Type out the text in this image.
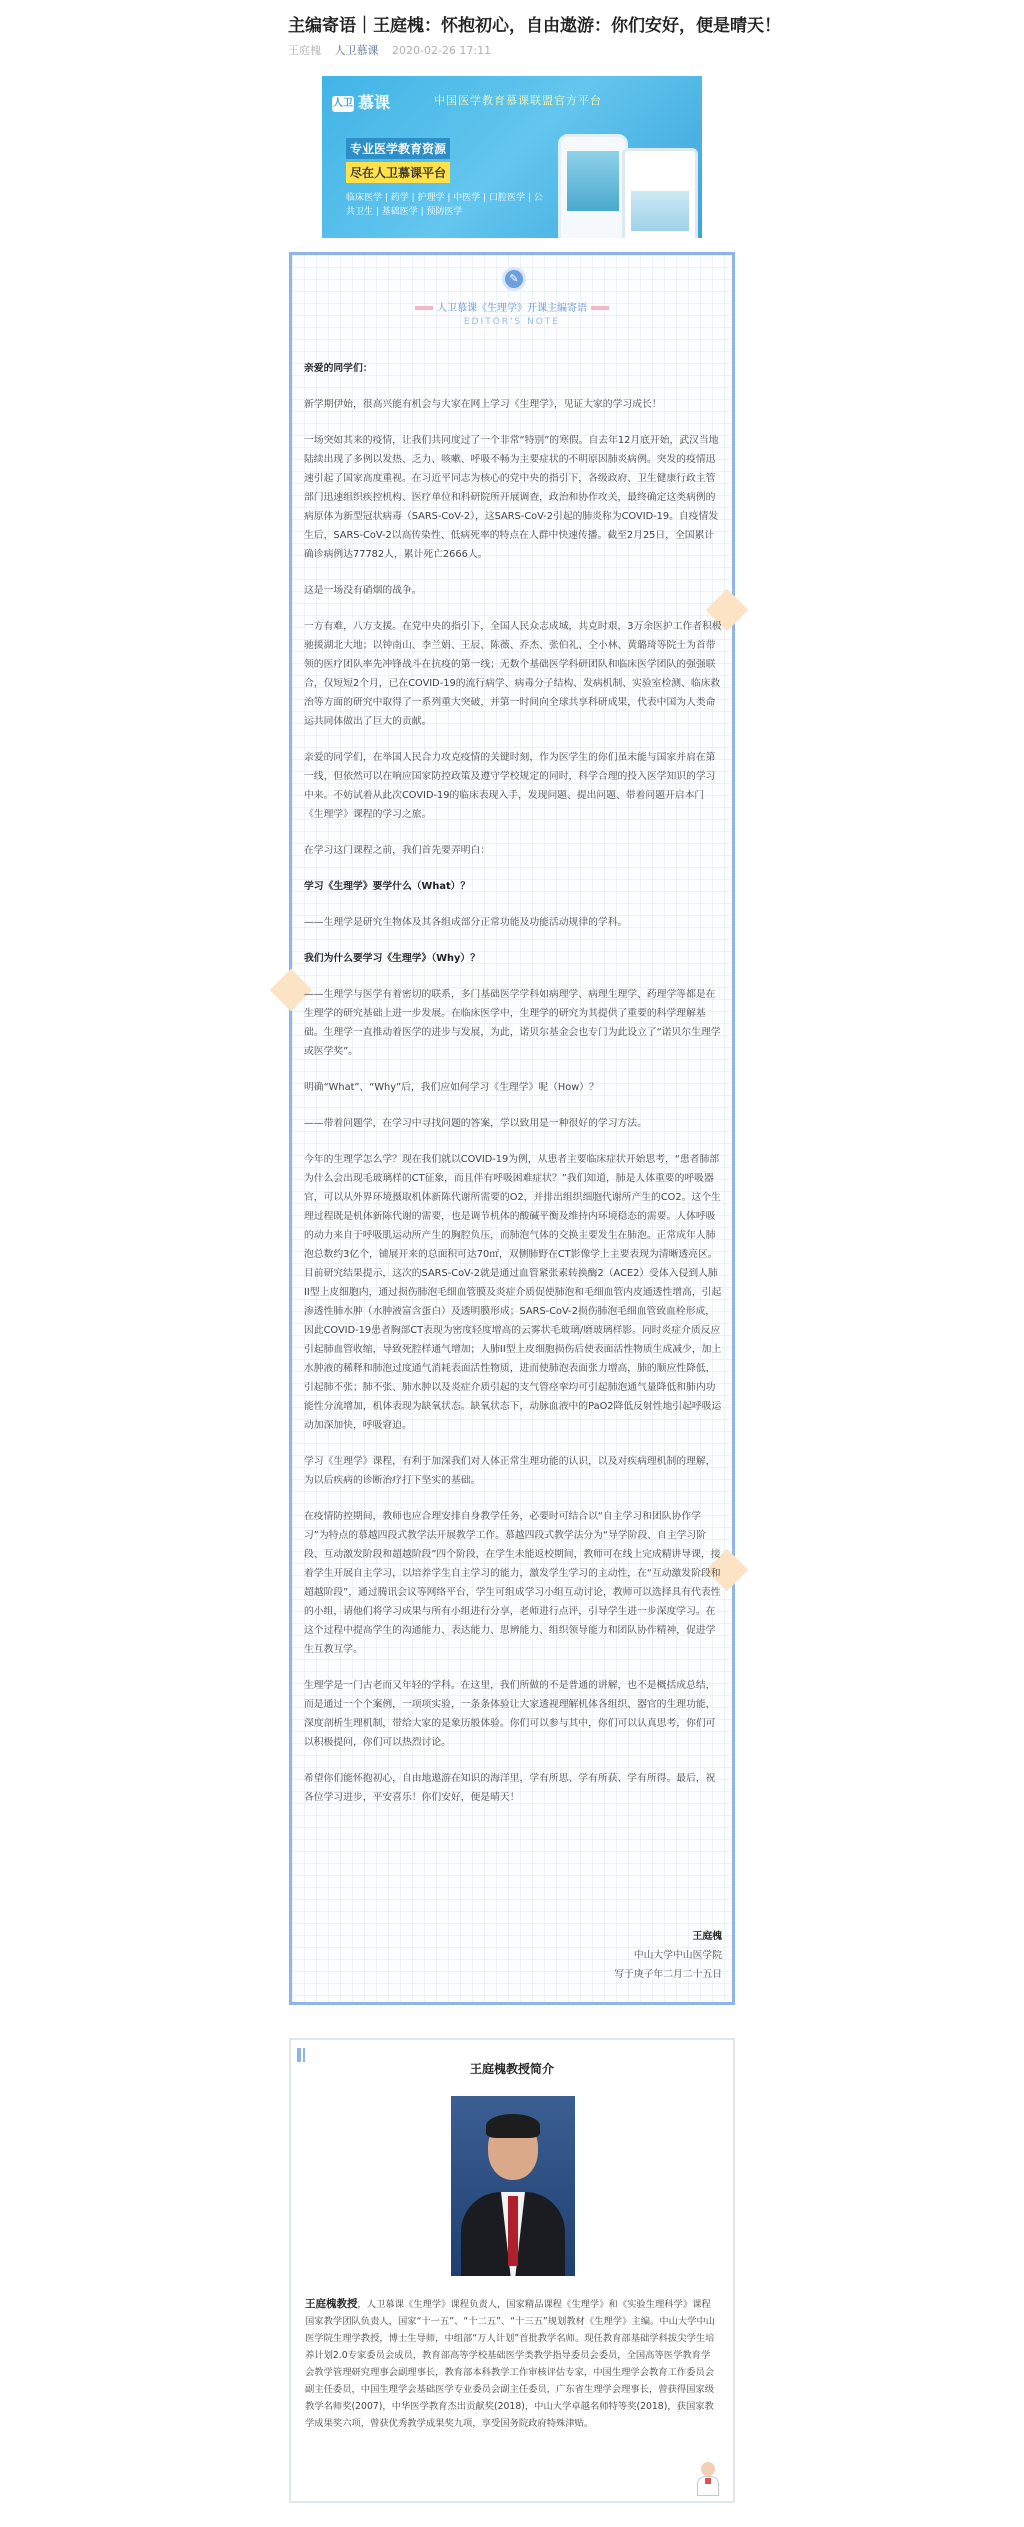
主编寄语｜王庭槐：怀抱初心，自由遨游：你们安好，便是晴天！
王庭槐 人卫慕课 2020-02-26 17:11
人卫 慕课	中国医学教育慕课联盟官方平台
专业医学教育资源
尽在人卫慕课平台
临床医学 | 药学 | 护理学 | 中医学 | 口腔医学 | 公共卫生 | 基础医学 | 预防医学
✎
人卫慕课《生理学》开课主编寄语
EDITOR'S NOTE

亲爱的同学们：

新学期伊始，很高兴能有机会与大家在网上学习《生理学》，见证大家的学习成长！

一场突如其来的疫情，让我们共同度过了一个非常“特别”的寒假。自去年12月底开始，武汉当地陆续出现了多例以发热、乏力、咳嗽、呼吸不畅为主要症状的不明原因肺炎病例。突发的疫情迅速引起了国家高度重视。在习近平同志为核心的党中央的指引下，各级政府、卫生健康行政主管部门迅速组织疾控机构、医疗单位和科研院所开展调查，政治和协作攻关，最终确定这类病例的病原体为新型冠状病毒（SARS-CoV-2），这SARS-CoV-2引起的肺炎称为COVID-19。自疫情发生后，SARS-CoV-2以高传染性、低病死率的特点在人群中快速传播。截至2月25日，全国累计确诊病例达77782人，累计死亡2666人。

这是一场没有硝烟的战争。

一方有难，八方支援。在党中央的指引下，全国人民众志成城，共克时艰，3万余医护工作者积极驰援湖北大地；以钟南山、李兰娟、王辰、陈薇、乔杰、张伯礼、仝小林、黄璐琦等院士为首带领的医疗团队率先冲锋战斗在抗疫的第一线；无数个基础医学科研团队和临床医学团队的强强联合，仅短短2个月，已在COVID-19的流行病学、病毒分子结构、发病机制、实验室检测、临床救治等方面的研究中取得了一系列重大突破，并第一时间向全球共享科研成果，代表中国为人类命运共同体做出了巨大的贡献。

亲爱的同学们，在举国人民合力攻克疫情的关键时刻，作为医学生的你们虽未能与国家并肩在第一线，但依然可以在响应国家防控政策及遵守学校规定的同时，科学合理的投入医学知识的学习中来。不妨试着从此次COVID-19的临床表现入手，发现问题、提出问题、带着问题开启本门《生理学》课程的学习之旅。

在学习这门课程之前，我们首先要弄明白：

学习《生理学》要学什么（What）？

——生理学是研究生物体及其各组成部分正常功能及功能活动规律的学科。

我们为什么要学习《生理学》（Why）？

——生理学与医学有着密切的联系，多门基础医学学科如病理学、病理生理学、药理学等都是在生理学的研究基础上进一步发展。在临床医学中，生理学的研究为其提供了重要的科学理解基础。生理学一直推动着医学的进步与发展，为此，诺贝尔基金会也专门为此设立了“诺贝尔生理学或医学奖”。

明确“What”、“Why”后，我们应如何学习《生理学》呢（How）？

——带着问题学，在学习中寻找问题的答案，学以致用是一种很好的学习方法。

今年的生理学怎么学？现在我们就以COVID-19为例，从患者主要临床症状开始思考，“患者肺部为什么会出现毛玻璃样的CT征象，而且伴有呼吸困难症状？”我们知道，肺是人体重要的呼吸器官，可以从外界环境摄取机体新陈代谢所需要的O2，并排出组织细胞代谢所产生的CO2。这个生理过程既是机体新陈代谢的需要，也是调节机体的酸碱平衡及维持内环境稳态的需要。人体呼吸的动力来自于呼吸肌运动所产生的胸腔负压，而肺泡气体的交换主要发生在肺泡。正常成年人肺泡总数约3亿个，铺展开来的总面积可达70㎡，双侧肺野在CT影像学上主要表现为清晰透亮区。目前研究结果提示，这次的SARS-CoV-2就是通过血管紧张素转换酶2（ACE2）受体入侵到人肺II型上皮细胞内，通过损伤肺泡毛细血管膜及炎症介质促使肺泡和毛细血管内皮通透性增高，引起渗透性肺水肿（水肿液富含蛋白）及透明膜形成；SARS-CoV-2损伤肺泡毛细血管致血栓形成，因此COVID-19患者胸部CT表现为密度轻度增高的云雾状毛玻璃/磨玻璃样影。同时炎症介质反应引起肺血管收缩，导致死腔样通气增加；人肺II型上皮细胞损伤后使表面活性物质生成减少，加上水肿液的稀释和肺泡过度通气消耗表面活性物质，进而使肺泡表面张力增高，肺的顺应性降低，引起肺不张；肺不张、肺水肿以及炎症介质引起的支气管痉挛均可引起肺泡通气量降低和肺内功能性分流增加，机体表现为缺氧状态。缺氧状态下，动脉血液中的PaO2降低反射性地引起呼吸运动加深加快，呼吸窘迫。

学习《生理学》课程，有利于加深我们对人体正常生理功能的认识，以及对疾病理机制的理解，为以后疾病的诊断治疗打下坚实的基础。

在疫情防控期间，教师也应合理安排自身教学任务，必要时可结合以“自主学习和团队协作学习”为特点的慕越四段式教学法开展教学工作。慕越四段式教学法分为“导学阶段、自主学习阶段、互动激发阶段和超越阶段”四个阶段，在学生未能返校期间，教师可在线上完成精讲导课，接着学生开展自主学习，以培养学生自主学习的能力，激发学生学习的主动性，在“互动激发阶段和超越阶段”，通过腾讯会议等网络平台，学生可组成学习小组互动讨论，教师可以选择具有代表性的小组，请他们将学习成果与所有小组进行分享，老师进行点评，引导学生进一步深度学习。在这个过程中提高学生的沟通能力、表达能力、思辨能力、组织领导能力和团队协作精神，促进学生互教互学。

生理学是一门古老而又年轻的学科。在这里，我们所做的不是普通的讲解，也不是概括成总结，而是通过一个个案例，一项项实验，一条条体验让大家透视理解机体各组织、器官的生理功能，深度剖析生理机制，带给大家的是象历般体验。你们可以参与其中，你们可以认真思考，你们可以积极提问，你们可以热烈讨论。

希望你们能怀抱初心，自由地遨游在知识的海洋里，学有所思、学有所获、学有所得。最后，祝各位学习进步，平安喜乐！你们安好，便是晴天！

王庭槐
中山大学中山医学院
写于庚子年二月二十五日
王庭槐教授简介
王庭槐教授，人卫慕课《生理学》课程负责人，国家精品课程《生理学》和《实验生理科学》课程国家教学团队负责人，国家“十一五”、“十二五”、“十三五”规划教材《生理学》主编。中山大学中山医学院生理学教授，博士生导师，中组部“万人计划”首批教学名师。现任教育部基础学科拔尖学生培养计划2.0专家委员会成员，教育部高等学校基础医学类教学指导委员会委员，全国高等医学教育学会教学管理研究理事会副理事长，教育部本科教学工作审核评估专家，中国生理学会教育工作委员会副主任委员，中国生理学会基础医学专业委员会副主任委员，广东省生理学会理事长，曾获得国家级教学名师奖(2007)，中华医学教育杰出贡献奖(2018)，中山大学卓越名师特等奖(2018)，获国家教学成果奖六项，曾获优秀教学成果奖九项，享受国务院政府特殊津贴。
